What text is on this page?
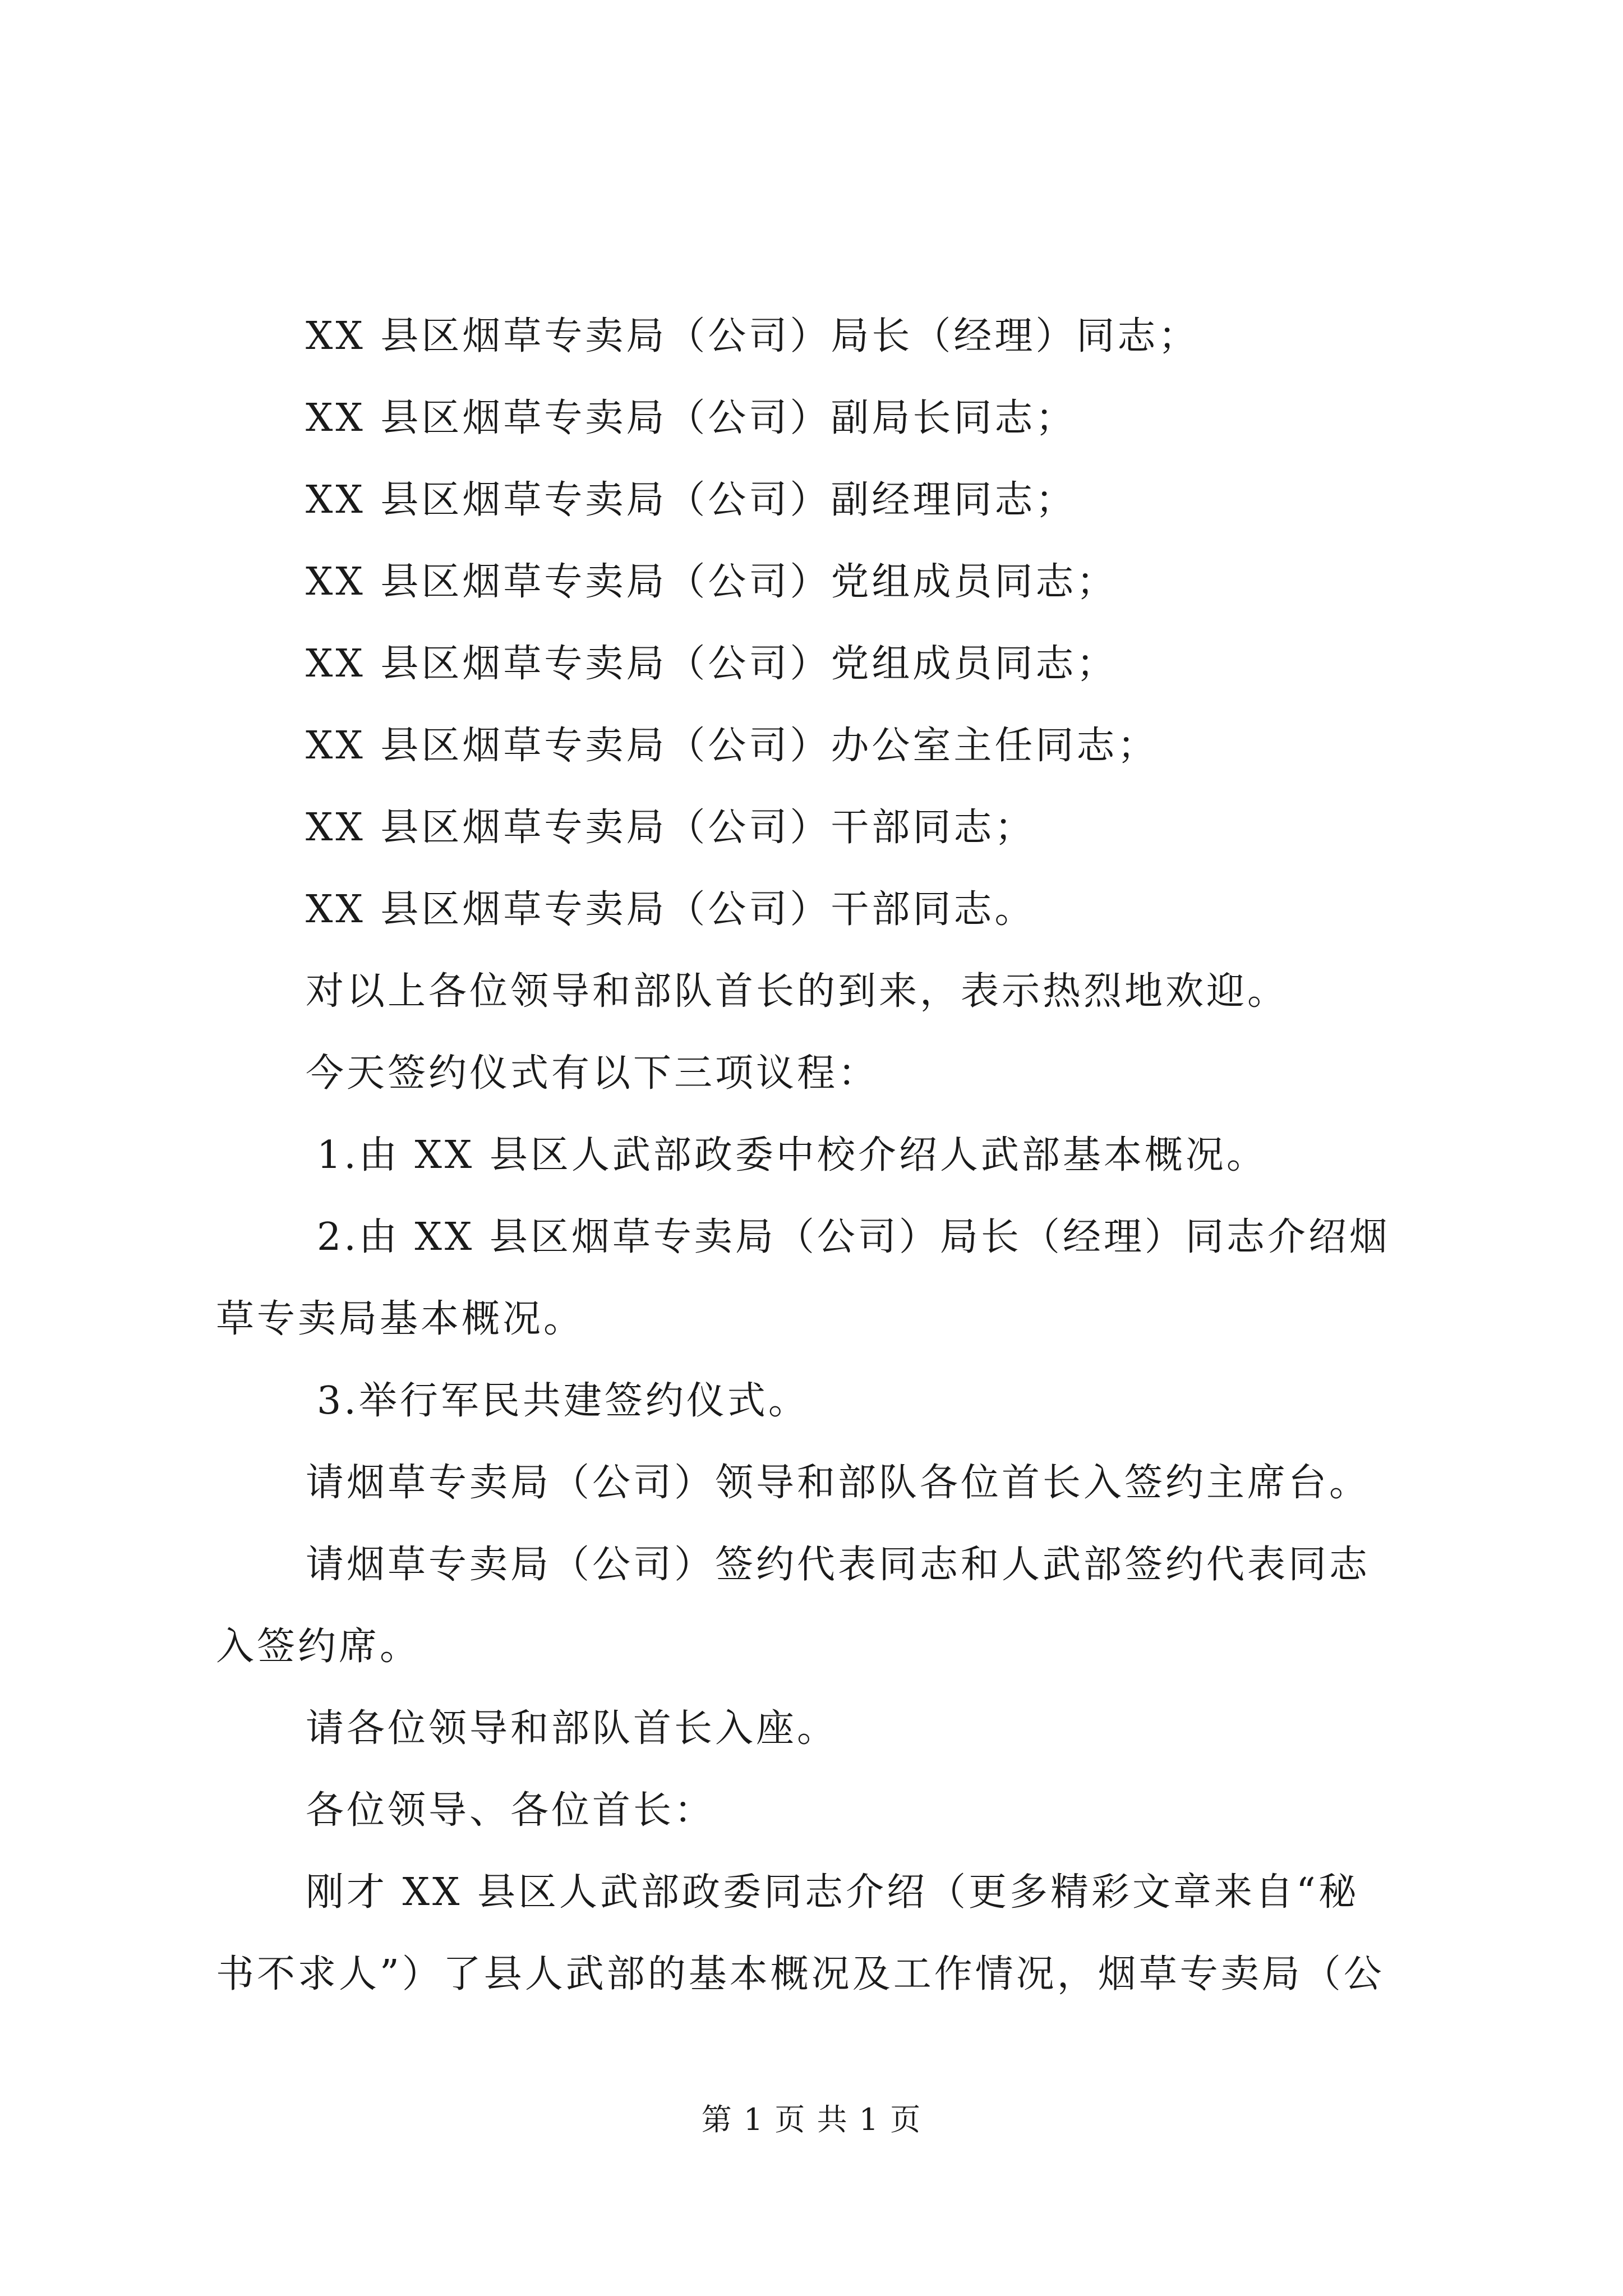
XX 县区烟草专卖局（公司）局长（经理）同志；
XX 县区烟草专卖局（公司）副局长同志；
XX 县区烟草专卖局（公司）副经理同志；
XX 县区烟草专卖局（公司）党组成员同志；
XX 县区烟草专卖局（公司）党组成员同志；
XX 县区烟草专卖局（公司）办公室主任同志；
XX 县区烟草专卖局（公司）干部同志；
XX 县区烟草专卖局（公司）干部同志。
对以上各位领导和部队首长的到来，表示热烈地欢迎。
今天签约仪式有以下三项议程：
1.由 XX 县区人武部政委中校介绍人武部基本概况。
2.由 XX 县区烟草专卖局（公司）局长（经理）同志介绍烟
草专卖局基本概况。
3.举行军民共建签约仪式。
请烟草专卖局（公司）领导和部队各位首长入签约主席台。
请烟草专卖局（公司）签约代表同志和人武部签约代表同志
入签约席。
请各位领导和部队首长入座。
各位领导、各位首长：
刚才 XX 县区人武部政委同志介绍（更多精彩文章来自“秘
书不求人”）了县人武部的基本概况及工作情况，烟草专卖局（公
第 1 页 共 1 页
